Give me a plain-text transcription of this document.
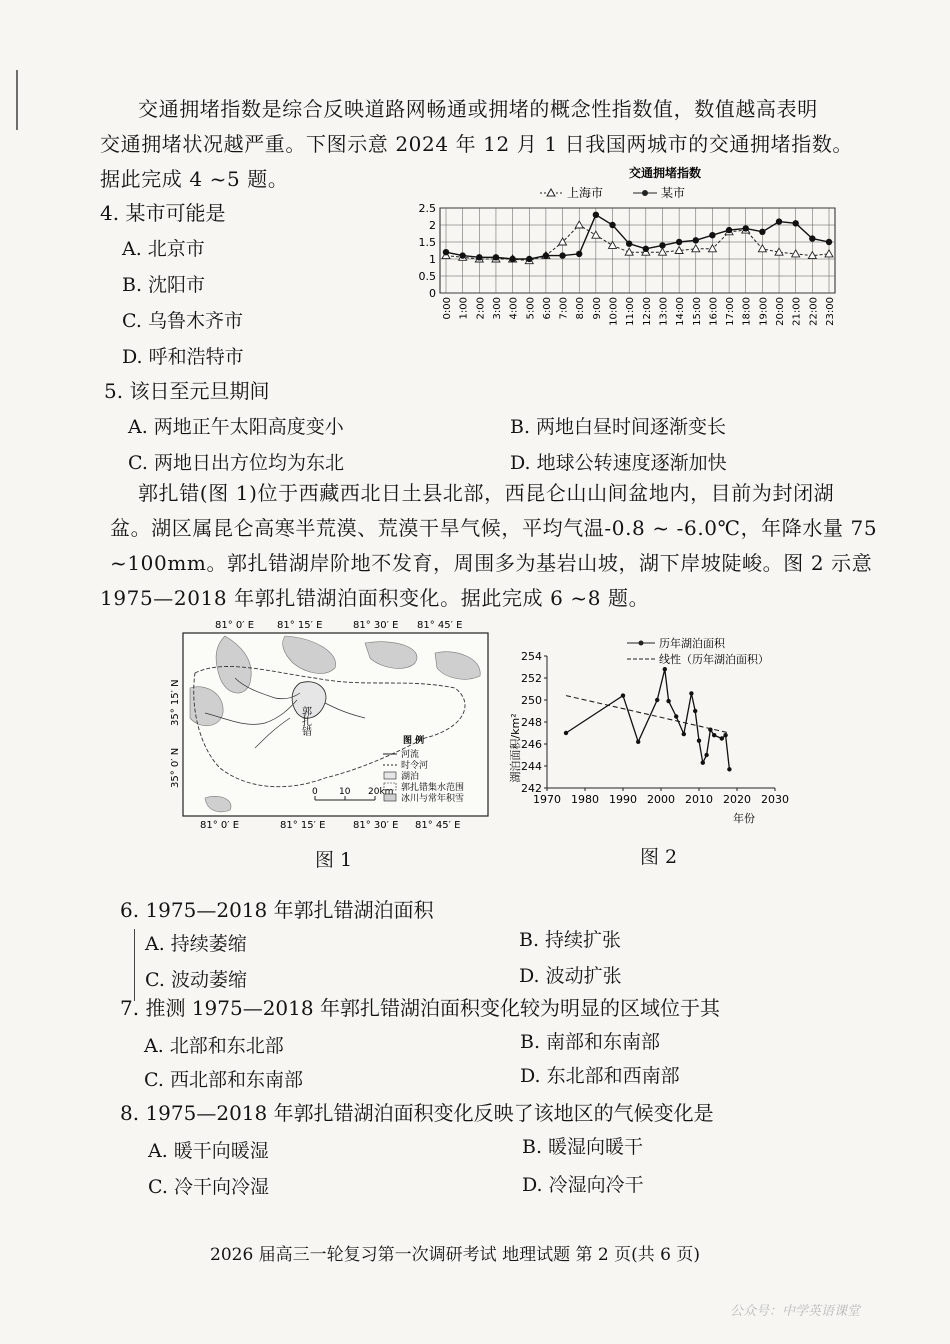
交通拥堵指数是综合反映道路网畅通或拥堵的概念性指数值，数值越高表明
交通拥堵状况越严重。下图示意 2024 年 12 月 1 日我国两城市的交通拥堵指数。
据此完成 4 ~5 题。
4. 某市可能是
A. 北京市
B. 沈阳市
C. 乌鲁木齐市
D. 呼和浩特市
交通拥堵指数
上海市	某市
0
0.5
1
1.5
2
2.5
0:00 1:00 2:00 3:00 4:00 5:00 6:00 7:00 8:00 9:00 10:00 11:00 12:00 13:00 14:00 15:00 16:00 17:00 18:00 19:00 20:00 21:00 22:00 23:00
5. 该日至元旦期间
A. 两地正午太阳高度变小	B. 两地白昼时间逐渐变长
C. 两地日出方位均为东北	D. 地球公转速度逐渐加快
郭扎错(图 1)位于西藏西北日土县北部，西昆仑山山间盆地内，目前为封闭湖
盆。湖区属昆仑高寒半荒漠、荒漠干旱气候，平均气温-0.8 ~ -6.0℃，年降水量 75
~100mm。郭扎错湖岸阶地不发育，周围多为基岩山坡，湖下岸坡陡峻。图 2 示意
1975—2018 年郭扎错湖泊面积变化。据此完成 6 ~8 题。
81° 0′ E 81° 15′ E	81° 30′ E 81° 45′ E
35° 15′ N
35° 0′ N
郭扎错
图 例
河流
时令河
湖泊
郭扎错集水范围
冰川与常年积雪
0 10 20km
81° 0′ E	81° 15′ E	81° 30′ E 81° 45′ E
图 1
历年湖泊面积
线性（历年湖泊面积）
湖泊面积/km²
242
244
246
248
250
252
254
1970 1980 1990 2000 2010 2020 2030
年份
图 2
6. 1975—2018 年郭扎错湖泊面积
A. 持续萎缩	B. 持续扩张
C. 波动萎缩	D. 波动扩张
7. 推测 1975—2018 年郭扎错湖泊面积变化较为明显的区域位于其
A. 北部和东北部	B. 南部和东南部
C. 西北部和东南部	D. 东北部和西南部
8. 1975—2018 年郭扎错湖泊面积变化反映了该地区的气候变化是
A. 暖干向暖湿	B. 暖湿向暖干
C. 冷干向冷湿	D. 冷湿向冷干
2026 届高三一轮复习第一次调研考试 地理试题 第 2 页(共 6 页)
公众号：中学英语课堂
